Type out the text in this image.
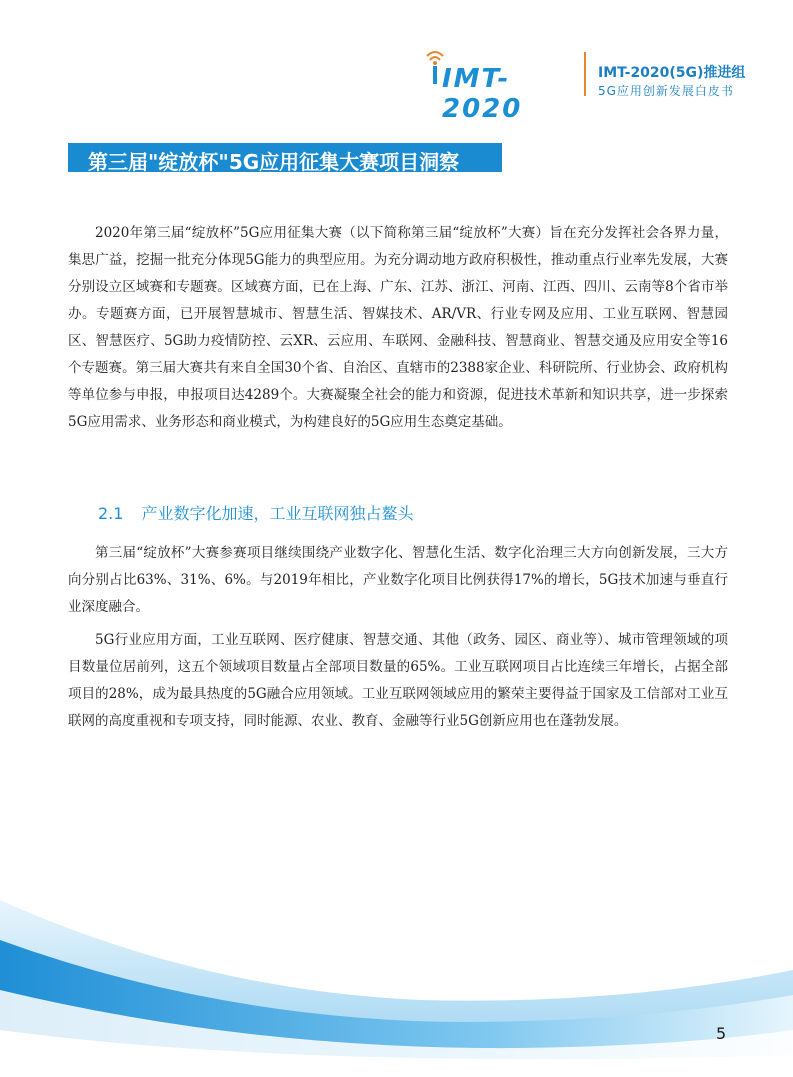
IMT-2020
IMT-2020(5G)推进组
5G应用创新发展白皮书
第三届"绽放杯"5G应用征集大赛项目洞察

2020年第三届“绽放杯”5G应用征集大赛（以下简称第三届“绽放杯”大赛）旨在充分发挥社会各界力量，集思广益，挖掘一批充分体现5G能力的典型应用。为充分调动地方政府积极性，推动重点行业率先发展，大赛分别设立区域赛和专题赛。区域赛方面，已在上海、广东、江苏、浙江、河南、江西、四川、云南等8个省市举办。专题赛方面，已开展智慧城市、智慧生活、智媒技术、AR/VR、行业专网及应用、工业互联网、智慧园区、智慧医疗、5G助力疫情防控、云XR、云应用、车联网、金融科技、智慧商业、智慧交通及应用安全等16个专题赛。第三届大赛共有来自全国30个省、自治区、直辖市的2388家企业、科研院所、行业协会、政府机构等单位参与申报，申报项目达4289个。大赛凝聚全社会的能力和资源，促进技术革新和知识共享，进一步探索5G应用需求、业务形态和商业模式，为构建良好的5G应用生态奠定基础。

2.1 产业数字化加速，工业互联网独占鳌头

第三届“绽放杯”大赛参赛项目继续围绕产业数字化、智慧化生活、数字化治理三大方向创新发展，三大方向分别占比63%、31%、6%。与2019年相比，产业数字化项目比例获得17%的增长，5G技术加速与垂直行业深度融合。

5G行业应用方面，工业互联网、医疗健康、智慧交通、其他（政务、园区、商业等）、城市管理领域的项目数量位居前列，这五个领域项目数量占全部项目数量的65%。工业互联网项目占比连续三年增长，占据全部项目的28%，成为最具热度的5G融合应用领域。工业互联网领域应用的繁荣主要得益于国家及工信部对工业互联网的高度重视和专项支持，同时能源、农业、教育、金融等行业5G创新应用也在蓬勃发展。

5
